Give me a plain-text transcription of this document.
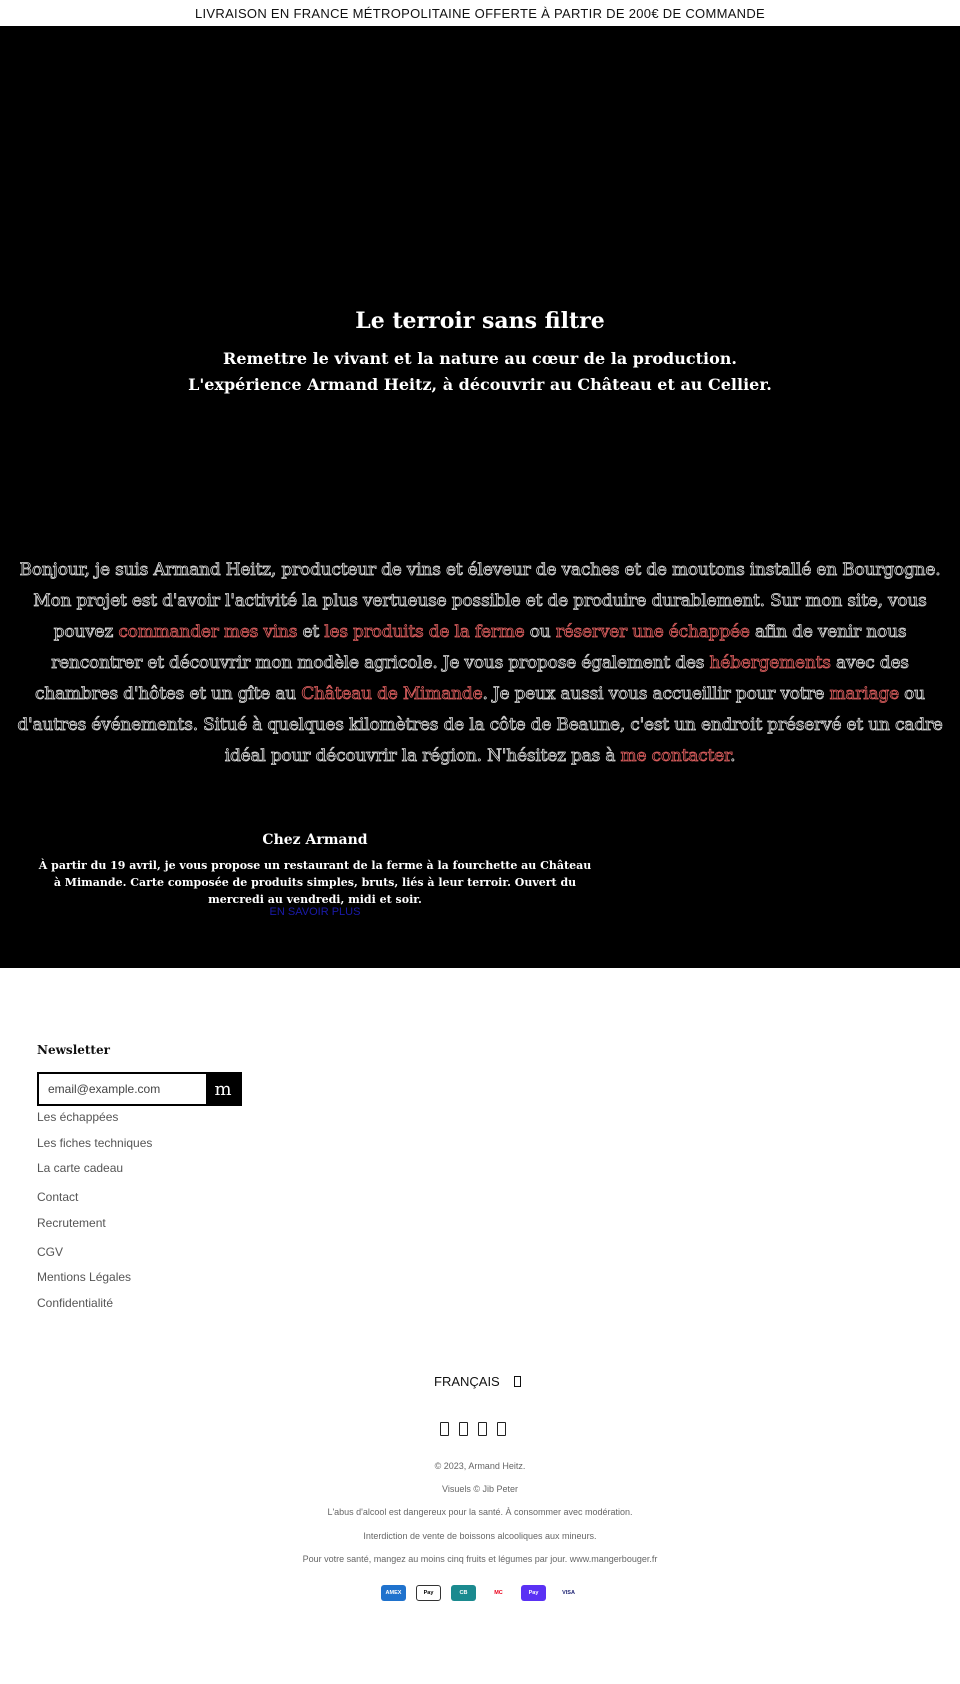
LIVRAISON EN FRANCE MÉTROPOLITAINE OFFERTE À PARTIR DE 200€ DE COMMANDE
Le terroir sans filtre
Remettre le vivant et la nature au cœur de la production.
L'expérience Armand Heitz, à découvrir au Château et au Cellier.

Bonjour, je suis Armand Heitz, producteur de vins et éleveur de vaches et de moutons installé en Bourgogne. Mon projet est d'avoir l'activité la plus vertueuse possible et de produire durablement. Sur mon site, vous pouvez commander mes vins et les produits de la ferme ou réserver une échappée afin de venir nous rencontrer et découvrir mon modèle agricole. Je vous propose également des hébergements avec des chambres d'hôtes et un gîte au Château de Mimande. Je peux aussi vous accueillir pour votre mariage ou d'autres événements. Situé à quelques kilomètres de la côte de Beaune, c'est un endroit préservé et un cadre idéal pour découvrir la région. N'hésitez pas à me contacter.

Chez Armand

À partir du 19 avril, je vous propose un restaurant de la ferme à la fourchette au Château à Mimande. Carte composée de produits simples, bruts, liés à leur terroir. Ouvert du mercredi au vendredi, midi et soir.

EN SAVOIR PLUS
Newsletter
email@example.com
m
Les échappées
Les fiches techniques
La carte cadeau
Contact
Recrutement
CGV
Mentions Légales
Confidentialité
FRANÇAIS
© 2023, Armand Heitz.
Visuels © Jib Peter
L'abus d'alcool est dangereux pour la santé. À consommer avec modération.
Interdiction de vente de boissons alcooliques aux mineurs.
Pour votre santé, mangez au moins cinq fruits et légumes par jour. www.mangerbouger.fr
AMEX	Pay	CB	MC	Pay	VISA
